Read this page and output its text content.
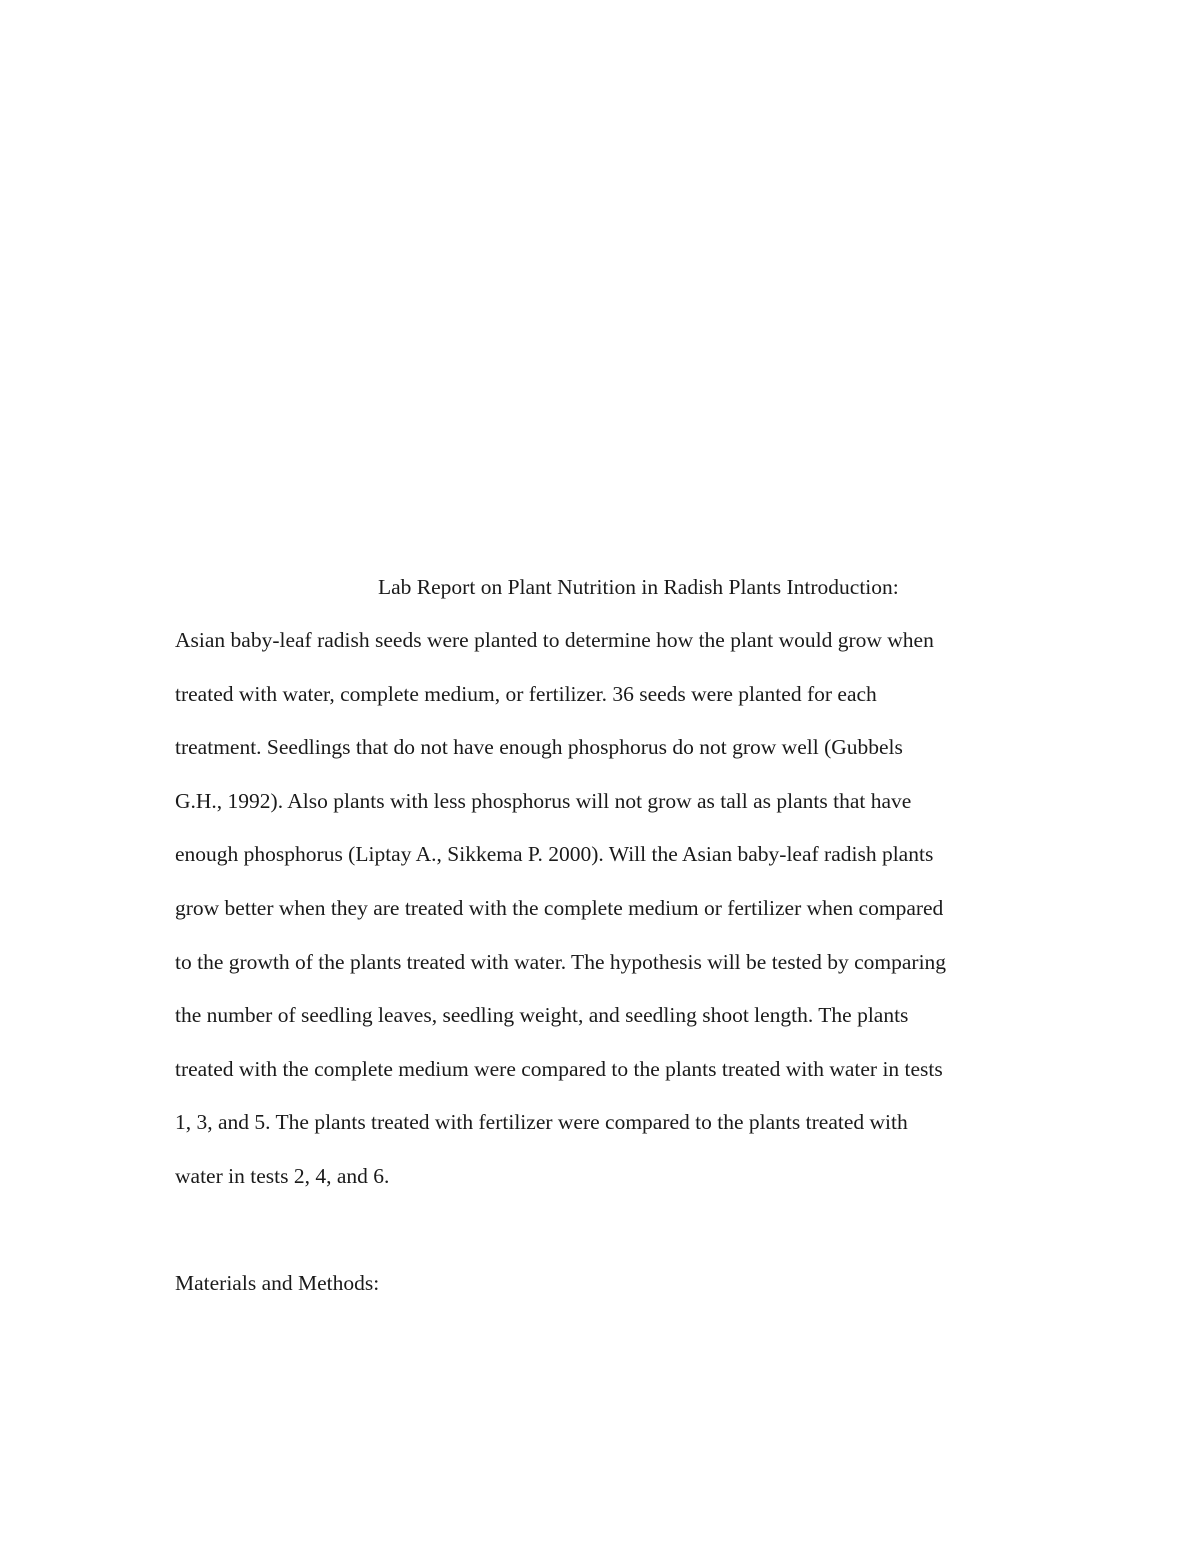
Lab Report on Plant Nutrition in Radish Plants Introduction:
Asian baby-leaf radish seeds were planted to determine how the plant would grow when
treated with water, complete medium, or fertilizer. 36 seeds were planted for each
treatment. Seedlings that do not have enough phosphorus do not grow well (Gubbels
G.H., 1992). Also plants with less phosphorus will not grow as tall as plants that have
enough phosphorus (Liptay A., Sikkema P. 2000). Will the Asian baby-leaf radish plants
grow better when they are treated with the complete medium or fertilizer when compared
to the growth of the plants treated with water. The hypothesis will be tested by comparing
the number of seedling leaves, seedling weight, and seedling shoot length. The plants
treated with the complete medium were compared to the plants treated with water in tests
1, 3, and 5. The plants treated with fertilizer were compared to the plants treated with
water in tests 2, 4, and 6.
Materials and Methods:
